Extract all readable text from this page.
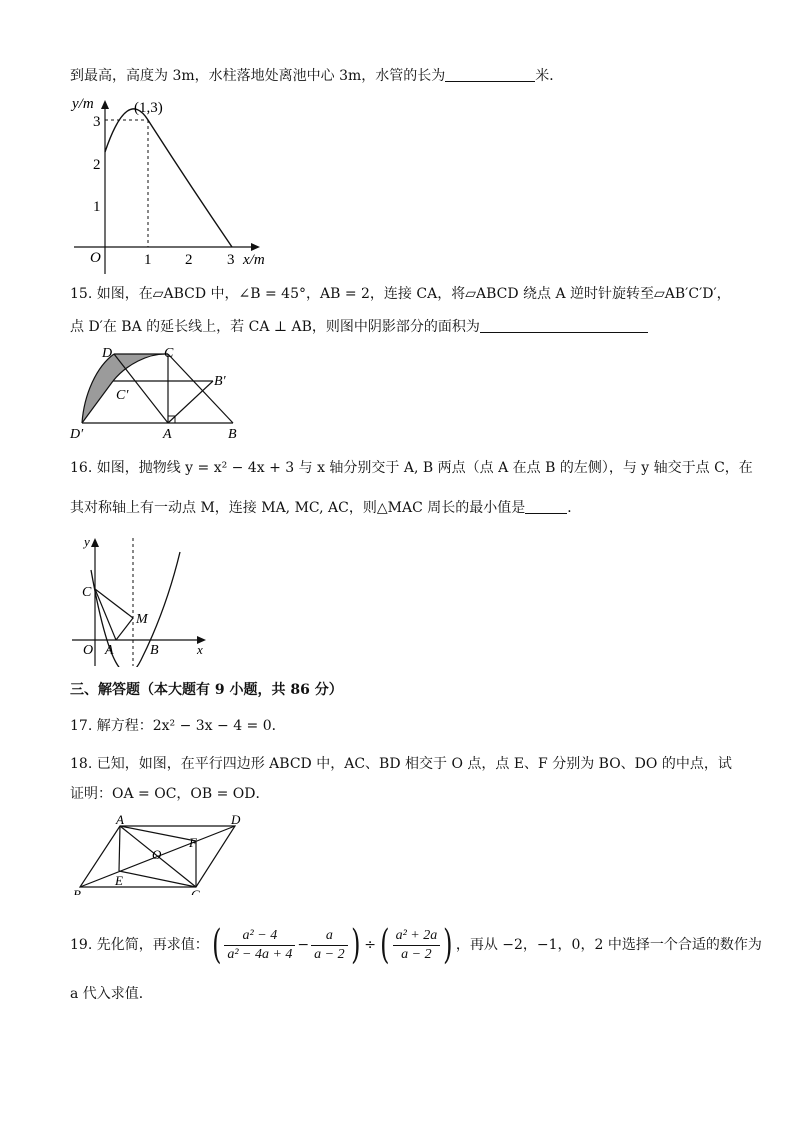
到最高，高度为 3m，水柱落地处离池中心 3m，水管的长为	米．
y/m
x/m
O
(1,3)
1 2 3
1
2
3
15. 如图，在▱ABCD 中，∠B = 45°，AB = 2，连接 CA，将▱ABCD 绕点 A 逆时针旋转至▱AB′C′D′，
点 D′在 BA 的延长线上，若 CA ⊥ AB，则图中阴影部分的面积为
D	C
B′
C′
D′	A	B
16. 如图，抛物线 y = x² − 4x + 3 与 x 轴分别交于 A, B 两点（点 A 在点 B 的左侧），与 y 轴交于点 C，在
其对称轴上有一动点 M，连接 MA, MC, AC，则△MAC 周长的最小值是	．
y
C
M
O A	B	x
三、解答题（本大题有 9 小题，共 86 分）
17. 解方程：2x² − 3x − 4 = 0．
18. 已知，如图，在平行四边形 ABCD 中，AC、BD 相交于 O 点，点 E、F 分别为 BO、DO 的中点，试
证明：OA = OC，OB = OD．
A	D
O
F
E
B	C
19. 先化简，再求值：( $\frac{\text{a² − 4}}{\text{a² − 4a + 4}} - \frac{a}{a - 2}$ ) ÷ ( $\frac{\text{a² + 2a}}{a - 2}$ ) ，再从 −2，−1，0，2 中选择一个合适的数作为
a 代入求值．
